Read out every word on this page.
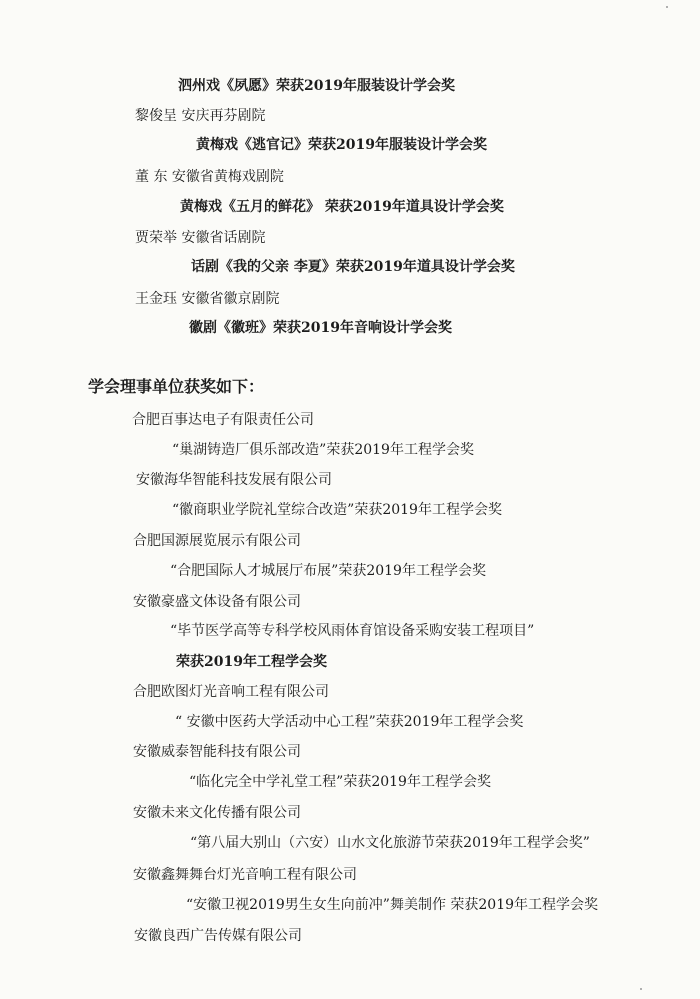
泗州戏《夙愿》荣获2019年服装设计学会奖
黎俊呈 安庆再芬剧院
黄梅戏《逃官记》荣获2019年服装设计学会奖
董 东 安徽省黄梅戏剧院
黄梅戏《五月的鲜花》 荣获2019年道具设计学会奖
贾荣举 安徽省话剧院
话剧《我的父亲 李夏》荣获2019年道具设计学会奖
王金珏 安徽省徽京剧院
徽剧《徽班》荣获2019年音响设计学会奖
学会理事单位获奖如下：
合肥百事达电子有限责任公司
“巢湖铸造厂俱乐部改造”荣获2019年工程学会奖
安徽海华智能科技发展有限公司
“徽商职业学院礼堂综合改造”荣获2019年工程学会奖
合肥国源展览展示有限公司
“合肥国际人才城展厅布展”荣获2019年工程学会奖
安徽豪盛文体设备有限公司
“毕节医学高等专科学校风雨体育馆设备采购安装工程项目”
荣获2019年工程学会奖
合肥欧图灯光音响工程有限公司
“ 安徽中医药大学活动中心工程”荣获2019年工程学会奖
安徽威泰智能科技有限公司
“临化完全中学礼堂工程”荣获2019年工程学会奖
安徽未来文化传播有限公司
“第八届大别山（六安）山水文化旅游节荣获2019年工程学会奖”
安徽鑫舞舞台灯光音响工程有限公司
“安徽卫视2019男生女生向前冲”舞美制作 荣获2019年工程学会奖
安徽良西广告传媒有限公司
